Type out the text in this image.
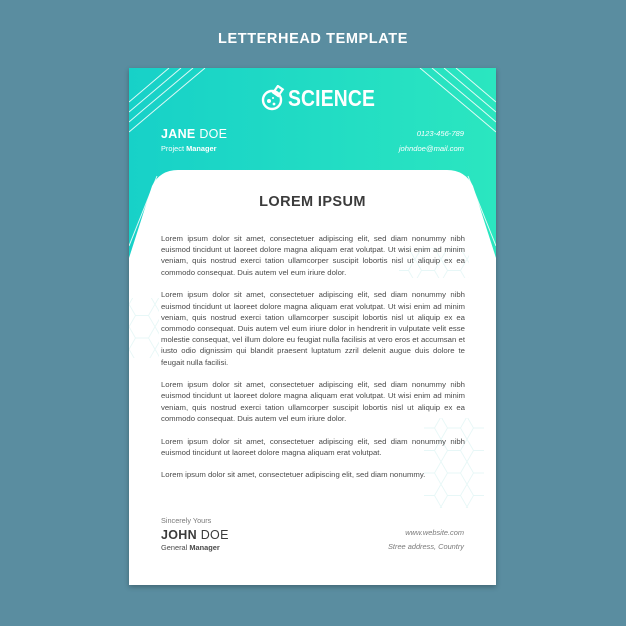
LETTERHEAD TEMPLATE
SCIENCE
JANE DOE
Project Manager
0123-456-789
johndoe@mail.com
LOREM IPSUM

Lorem ipsum dolor sit amet, consectetuer adipiscing elit, sed diam nonummy nibh euismod tincidunt ut laoreet dolore magna aliquam erat volutpat. Ut wisi enim ad minim veniam, quis nostrud exerci tation ullamcorper suscipit lobortis nisl ut aliquip ex ea commodo consequat. Duis autem vel eum iriure dolor.

Lorem ipsum dolor sit amet, consectetuer adipiscing elit, sed diam nonummy nibh euismod tincidunt ut laoreet dolore magna aliquam erat volutpat. Ut wisi enim ad minim veniam, quis nostrud exerci tation ullamcorper suscipit lobortis nisl ut aliquip ex ea commodo consequat. Duis autem vel eum iriure dolor in hendrerit in vulputate velit esse molestie consequat, vel illum dolore eu feugiat nulla facilisis at vero eros et accumsan et iusto odio dignissim qui blandit praesent luptatum zzril delenit augue duis dolore te feugait nulla facilisi.

Lorem ipsum dolor sit amet, consectetuer adipiscing elit, sed diam nonummy nibh euismod tincidunt ut laoreet dolore magna aliquam erat volutpat. Ut wisi enim ad minim veniam, quis nostrud exerci tation ullamcorper suscipit lobortis nisl ut aliquip ex ea commodo consequat. Duis autem vel eum iriure dolor.

Lorem ipsum dolor sit amet, consectetuer adipiscing elit, sed diam nonummy nibh euismod tincidunt ut laoreet dolore magna aliquam erat volutpat.

Lorem ipsum dolor sit amet, consectetuer adipiscing elit, sed diam nonummy.

Sincerely Yours
JOHN DOE
General Manager
www.website.com
Stree address, Country
